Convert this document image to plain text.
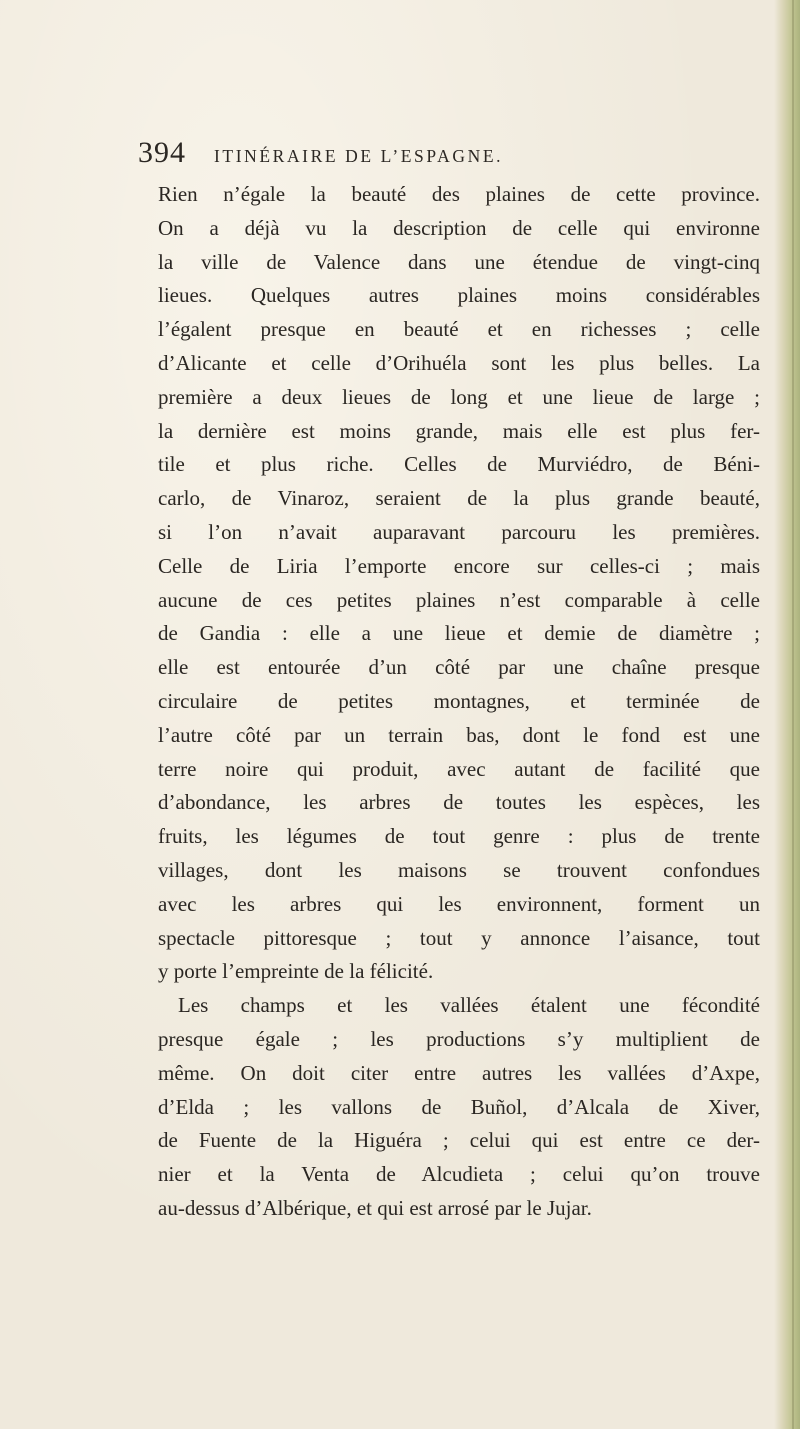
394 ITINÉRAIRE DE L’ESPAGNE.
Rien n’égale la beauté des plaines de cette province.
On a déjà vu la description de celle qui environne
la ville de Valence dans une étendue de vingt-cinq
lieues. Quelques autres plaines moins considérables
l’égalent presque en beauté et en richesses ; celle
d’Alicante et celle d’Orihuéla sont les plus belles. La
première a deux lieues de long et une lieue de large ;
la dernière est moins grande, mais elle est plus fer-
tile et plus riche. Celles de Murviédro, de Béni-
carlo, de Vinaroz, seraient de la plus grande beauté,
si l’on n’avait auparavant parcouru les premières.
Celle de Liria l’emporte encore sur celles-ci ; mais
aucune de ces petites plaines n’est comparable à celle
de Gandia : elle a une lieue et demie de diamètre ;
elle est entourée d’un côté par une chaîne presque
circulaire de petites montagnes, et terminée de
l’autre côté par un terrain bas, dont le fond est une
terre noire qui produit, avec autant de facilité que
d’abondance, les arbres de toutes les espèces, les
fruits, les légumes de tout genre : plus de trente
villages, dont les maisons se trouvent confondues
avec les arbres qui les environnent, forment un
spectacle pittoresque ; tout y annonce l’aisance, tout
y porte l’empreinte de la félicité.
Les champs et les vallées étalent une fécondité
presque égale ; les productions s’y multiplient de
même. On doit citer entre autres les vallées d’Axpe,
d’Elda ; les vallons de Buñol, d’Alcala de Xiver,
de Fuente de la Higuéra ; celui qui est entre ce der-
nier et la Venta de Alcudieta ; celui qu’on trouve
au-dessus d’Albérique, et qui est arrosé par le Jujar.
